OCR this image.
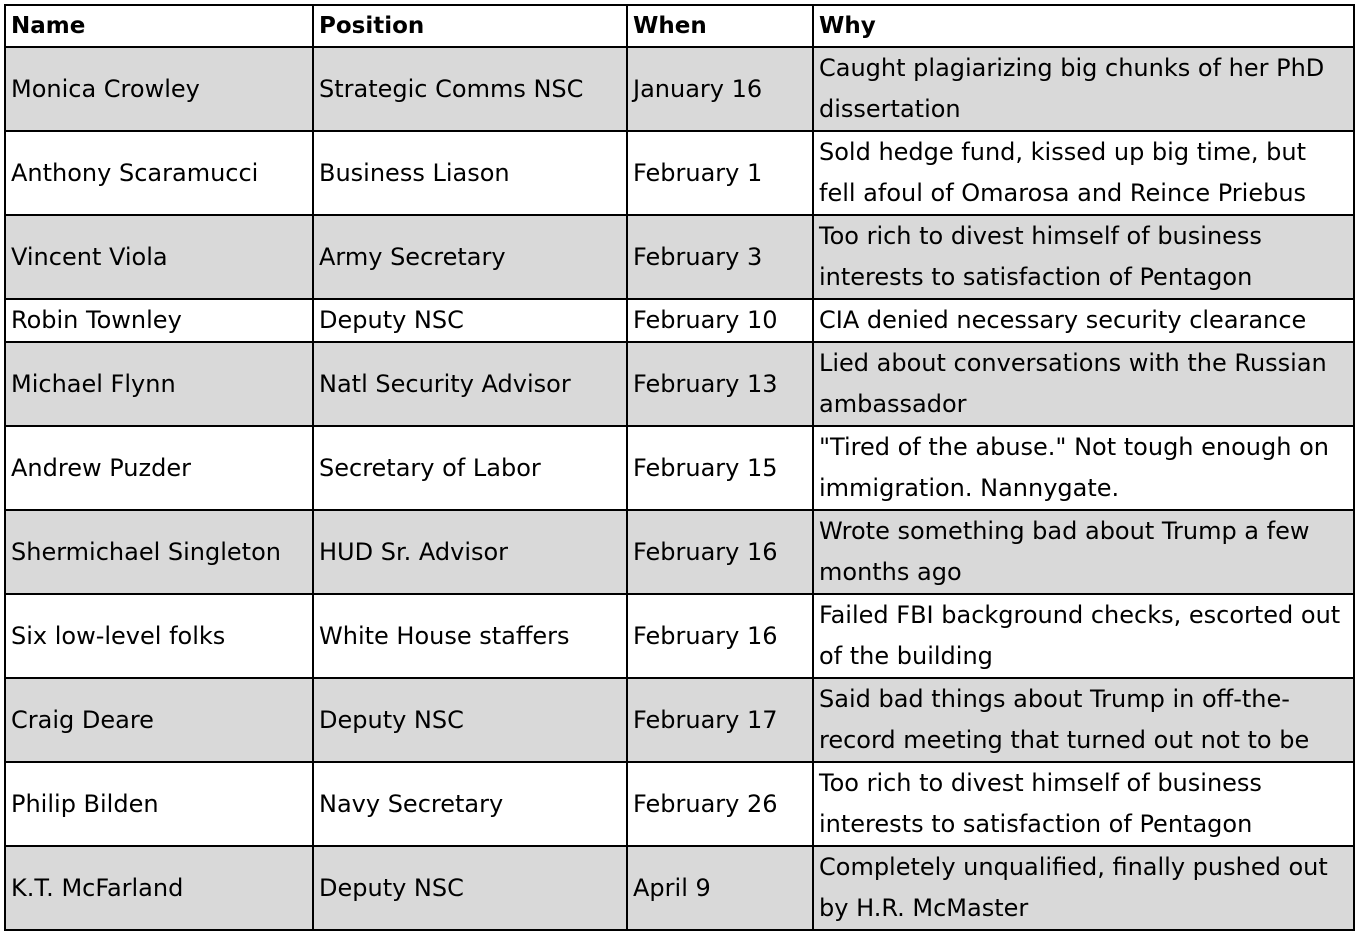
Name	Position	When	Why
Monica Crowley	Strategic Comms NSC	January 16	Caught plagiarizing big chunks of her PhD dissertation
Anthony Scaramucci	Business Liason	February 1	Sold hedge fund, kissed up big time, but fell afoul of Omarosa and Reince Priebus
Vincent Viola	Army Secretary	February 3	Too rich to divest himself of business interests to satisfaction of Pentagon
Robin Townley	Deputy NSC	February 10	CIA denied necessary security clearance
Michael Flynn	Natl Security Advisor	February 13	Lied about conversations with the Russian ambassador
Andrew Puzder	Secretary of Labor	February 15	"Tired of the abuse." Not tough enough on immigration. Nannygate.
Shermichael Singleton	HUD Sr. Advisor	February 16	Wrote something bad about Trump a few months ago
Six low-level folks	White House staffers	February 16	Failed FBI background checks, escorted out of the building
Craig Deare	Deputy NSC	February 17	Said bad things about Trump in off-the-record meeting that turned out not to be
Philip Bilden	Navy Secretary	February 26	Too rich to divest himself of business interests to satisfaction of Pentagon
K.T. McFarland	Deputy NSC	April 9	Completely unqualified, finally pushed out by H.R. McMaster
